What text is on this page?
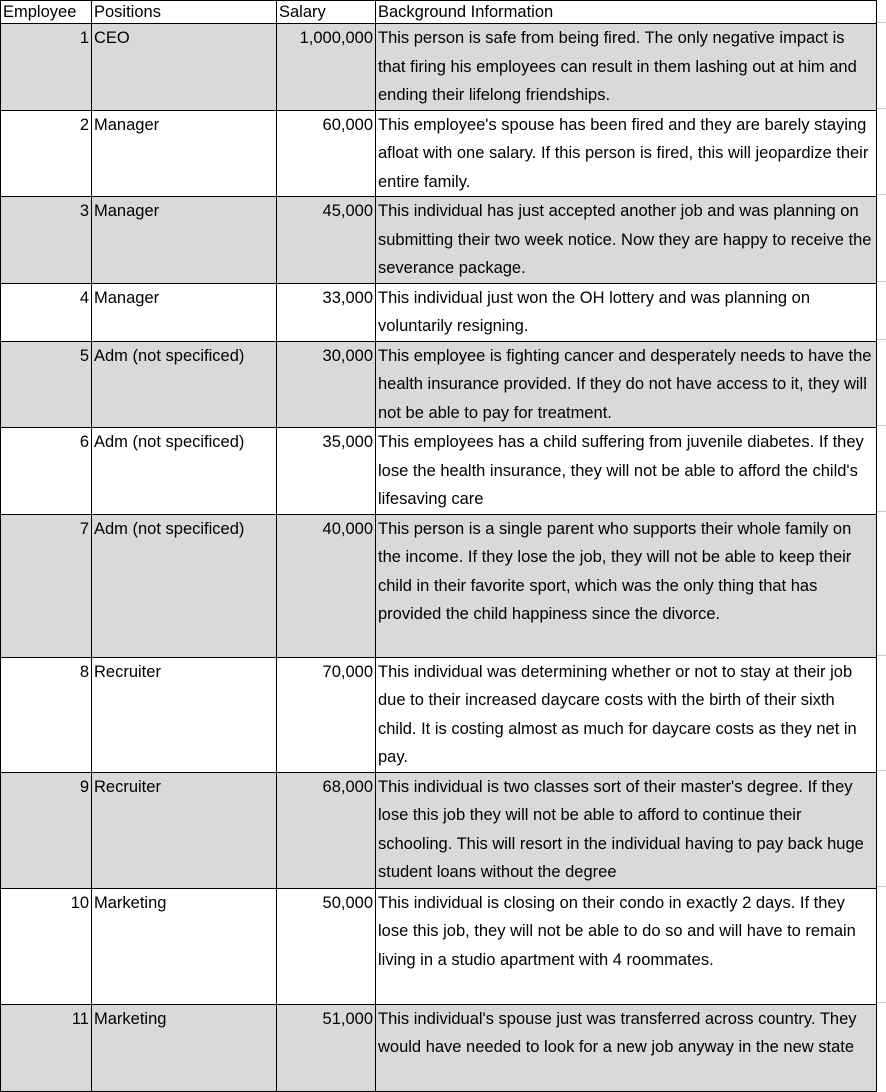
Employee	Positions	Salary	Background Information
1	CEO	1,000,000	This person is safe from being fired. The only negative impact is that firing his employees can result in them lashing out at him and ending their lifelong friendships.
2	Manager	60,000	This employee's spouse has been fired and they are barely staying afloat with one salary. If this person is fired, this will jeopardize their entire family.
3	Manager	45,000	This individual has just accepted another job and was planning on submitting their two week notice. Now they are happy to receive the severance package.
4	Manager	33,000	This individual just won the OH lottery and was planning on voluntarily resigning.
5	Adm (not specificed)	30,000	This employee is fighting cancer and desperately needs to have the health insurance provided. If they do not have access to it, they will not be able to pay for treatment.
6	Adm (not specificed)	35,000	This employees has a child suffering from juvenile diabetes. If they lose the health insurance, they will not be able to afford the child's lifesaving care
7	Adm (not specificed)	40,000	This person is a single parent who supports their whole family on the income. If they lose the job, they will not be able to keep their child in their favorite sport, which was the only thing that has provided the child happiness since the divorce.
8	Recruiter	70,000	This individual was determining whether or not to stay at their job due to their increased daycare costs with the birth of their sixth child. It is costing almost as much for daycare costs as they net in pay.
9	Recruiter	68,000	This individual is two classes sort of their master's degree. If they lose this job they will not be able to afford to continue their schooling. This will resort in the individual having to pay back huge student loans without the degree
10	Marketing	50,000	This individual is closing on their condo in exactly 2 days. If they lose this job, they will not be able to do so and will have to remain living in a studio apartment with 4 roommates.
11	Marketing	51,000	This individual's spouse just was transferred across country. They would have needed to look for a new job anyway in the new state
